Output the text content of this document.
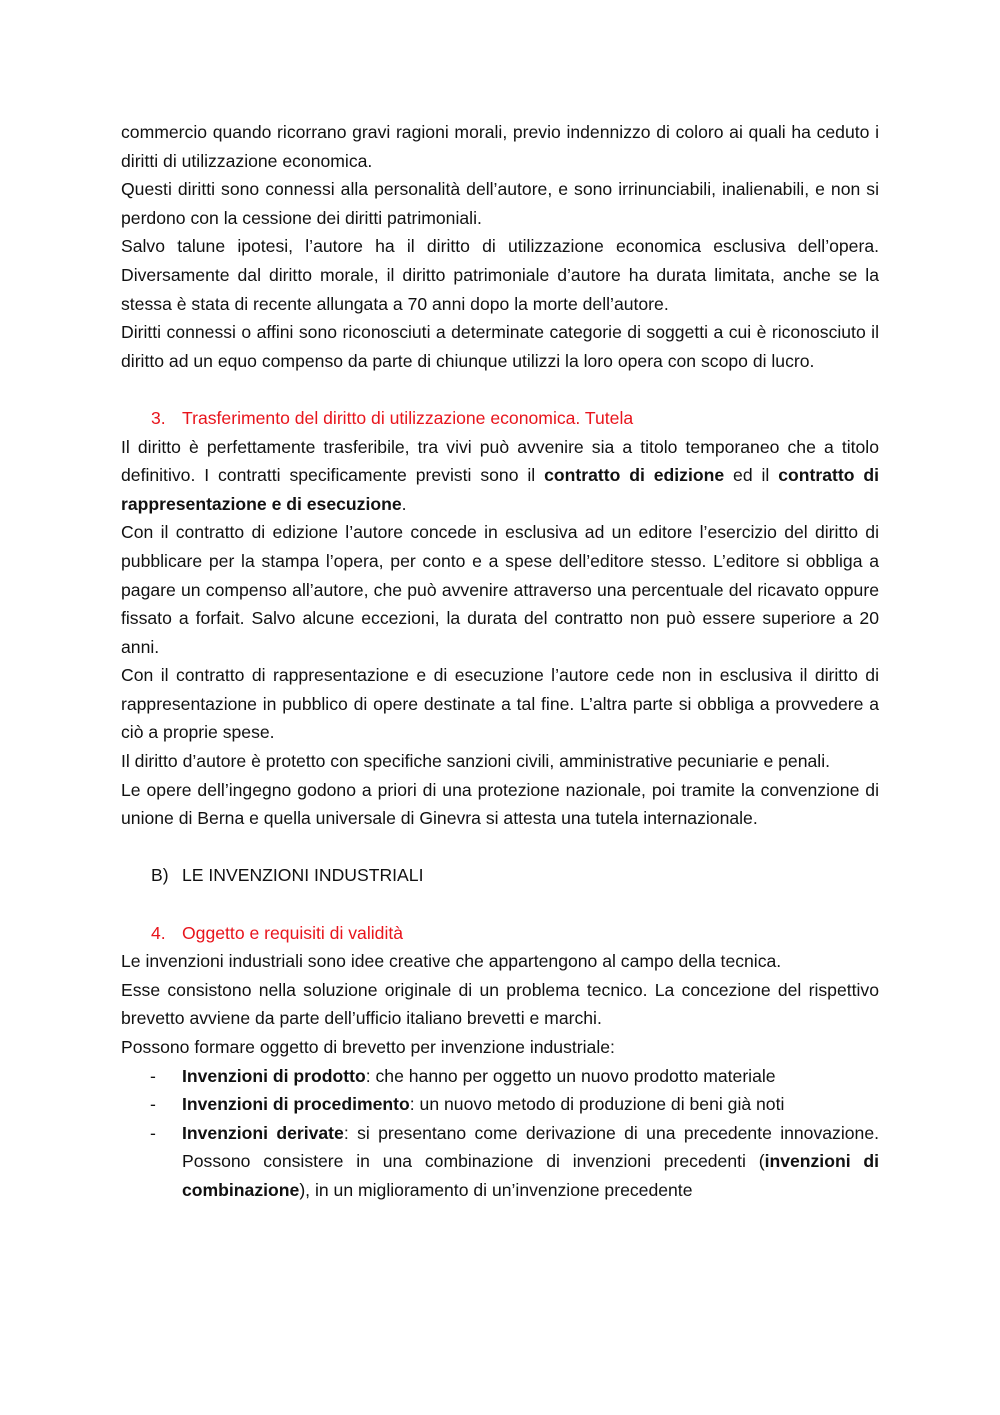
commercio quando ricorrano gravi ragioni morali, previo indennizzo di coloro ai quali ha ceduto i diritti di utilizzazione economica.

Questi diritti sono connessi alla personalità dell’autore, e sono irrinunciabili, inalienabili, e non si perdono con la cessione dei diritti patrimoniali.

Salvo talune ipotesi, l’autore ha il diritto di utilizzazione economica esclusiva dell’opera. Diversamente dal diritto morale, il diritto patrimoniale d’autore ha durata limitata, anche se la stessa è stata di recente allungata a 70 anni dopo la morte dell’autore.

Diritti connessi o affini sono riconosciuti a determinate categorie di soggetti a cui è riconosciuto il diritto ad un equo compenso da parte di chiunque utilizzi la loro opera con scopo di lucro.

3. Trasferimento del diritto di utilizzazione economica. Tutela

Il diritto è perfettamente trasferibile, tra vivi può avvenire sia a titolo temporaneo che a titolo definitivo. I contratti specificamente previsti sono il contratto di edizione ed il contratto di rappresentazione e di esecuzione.

Con il contratto di edizione l’autore concede in esclusiva ad un editore l’esercizio del diritto di pubblicare per la stampa l’opera, per conto e a spese dell’editore stesso. L’editore si obbliga a pagare un compenso all’autore, che può avvenire attraverso una percentuale del ricavato oppure fissato a forfait. Salvo alcune eccezioni, la durata del contratto non può essere superiore a 20 anni.

Con il contratto di rappresentazione e di esecuzione l’autore cede non in esclusiva il diritto di rappresentazione in pubblico di opere destinate a tal fine. L’altra parte si obbliga a provvedere a ciò a proprie spese.

Il diritto d’autore è protetto con specifiche sanzioni civili, amministrative pecuniarie e penali.

Le opere dell’ingegno godono a priori di una protezione nazionale, poi tramite la convenzione di unione di Berna e quella universale di Ginevra si attesta una tutela internazionale.

B) LE INVENZIONI INDUSTRIALI
4. Oggetto e requisiti di validità

Le invenzioni industriali sono idee creative che appartengono al campo della tecnica.

Esse consistono nella soluzione originale di un problema tecnico. La concezione del rispettivo brevetto avviene da parte dell’ufficio italiano brevetti e marchi.

Possono formare oggetto di brevetto per invenzione industriale:

- Invenzioni di prodotto: che hanno per oggetto un nuovo prodotto materiale
- Invenzioni di procedimento: un nuovo metodo di produzione di beni già noti
- Invenzioni derivate: si presentano come derivazione di una precedente innovazione. Possono consistere in una combinazione di invenzioni precedenti (invenzioni di combinazione), in un miglioramento di un’invenzione precedente
